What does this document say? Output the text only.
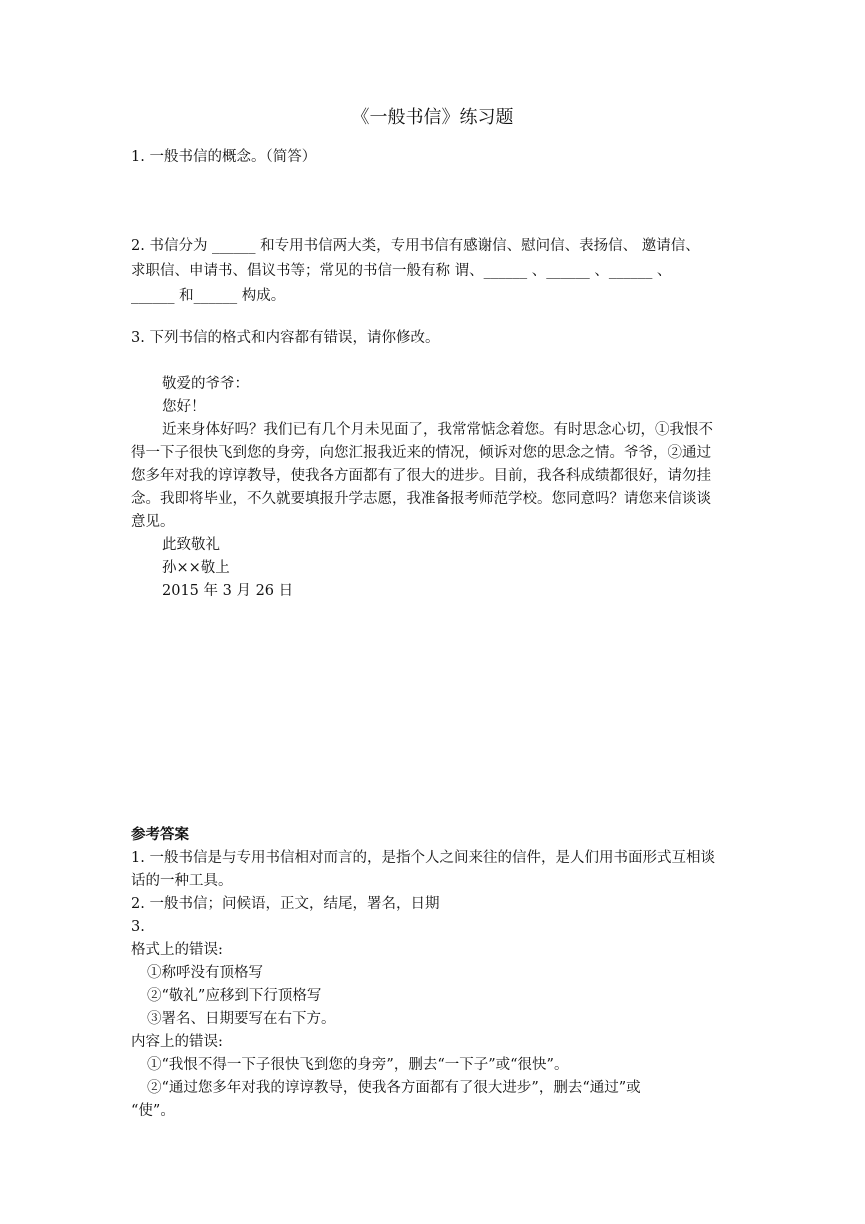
《一般书信》练习题
1. 一般书信的概念。（简答）
2. 书信分为 ______ 和专用书信两大类，专用书信有感谢信、慰问信、表扬信、 邀请信、
求职信、申请书、倡议书等；常见的书信一般有称 谓、______ 、______ 、______ 、
______ 和______ 构成。
3. 下列书信的格式和内容都有错误，请你修改。
敬爱的爷爷：
您好！
近来身体好吗？我们已有几个月未见面了，我常常惦念着您。有时思念心切，①我恨不
得一下子很快飞到您的身旁，向您汇报我近来的情况，倾诉对您的思念之情。爷爷，②通过
您多年对我的谆谆教导，使我各方面都有了很大的进步。目前，我各科成绩都很好，请勿挂
念。我即将毕业，不久就要填报升学志愿，我准备报考师范学校。您同意吗？请您来信谈谈
意见。
此致敬礼
孙××敬上
2015 年 3 月 26 日
参考答案
1. 一般书信是与专用书信相对而言的，是指个人之间来往的信件，是人们用书面形式互相谈
话的一种工具。
2. 一般书信；问候语，正文，结尾，署名，日期
3.
格式上的错误:
①称呼没有顶格写
②“敬礼”应移到下行顶格写
③署名、日期要写在右下方。
内容上的错误:
①“我恨不得一下子很快飞到您的身旁”，删去“一下子”或“很快”。
②“通过您多年对我的谆谆教导，使我各方面都有了很大进步”，删去“通过”或
“使”。
